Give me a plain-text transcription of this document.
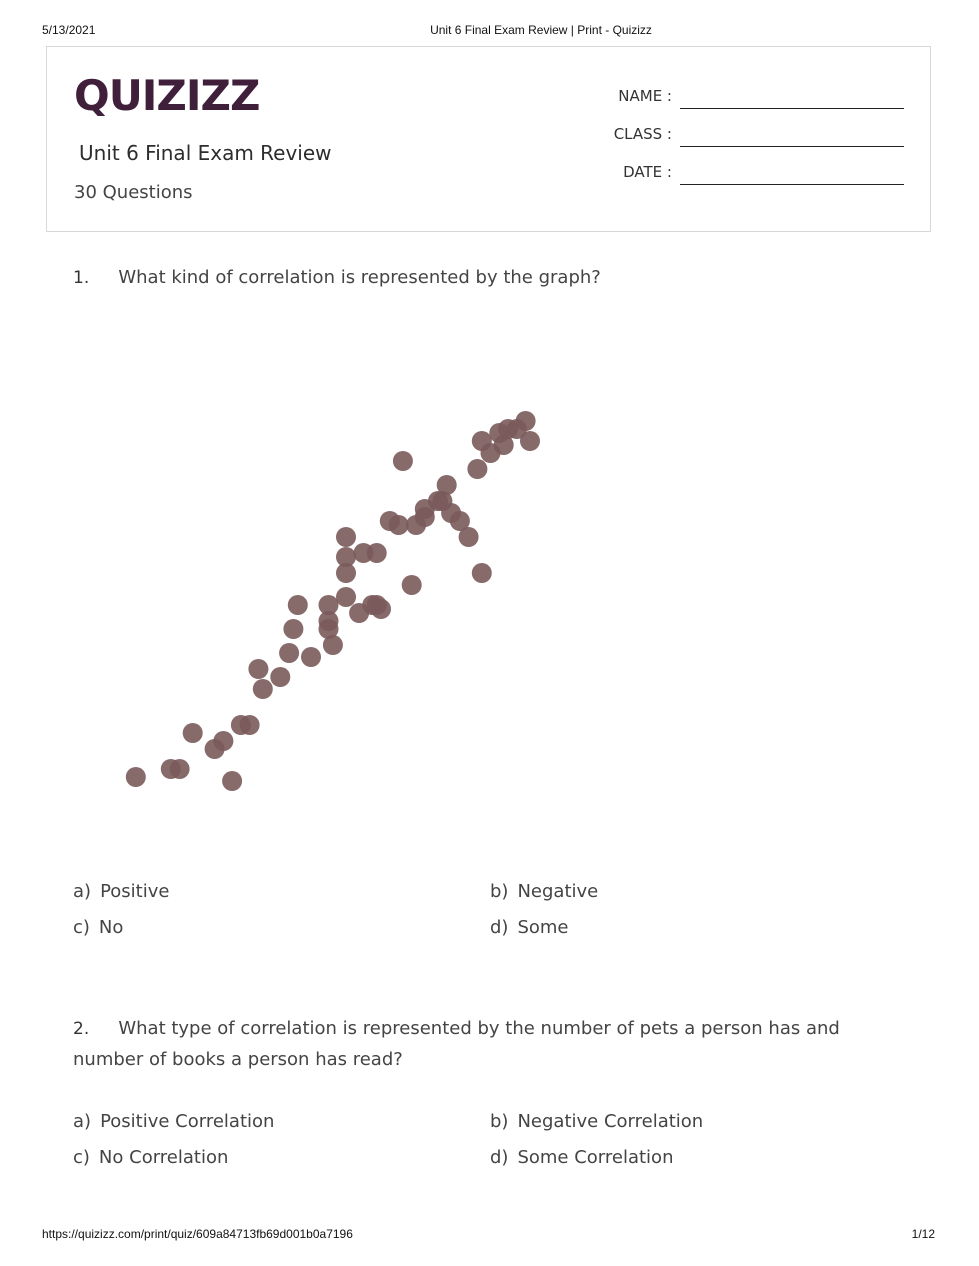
5/13/2021	Unit 6 Final Exam Review | Print - Quizizz
QUIZIZZ
Unit 6 Final Exam Review
30 Questions
NAME :
CLASS :
DATE :
1. What kind of correlation is represented by the graph?
a) Positive	b) Negative
c) No	d) Some
2. What type of correlation is represented by the number of pets a person has and number of books a person has read?
a) Positive Correlation	b) Negative Correlation
c) No Correlation	d) Some Correlation
https://quizizz.com/print/quiz/609a84713fb69d001b0a7196	1/12
